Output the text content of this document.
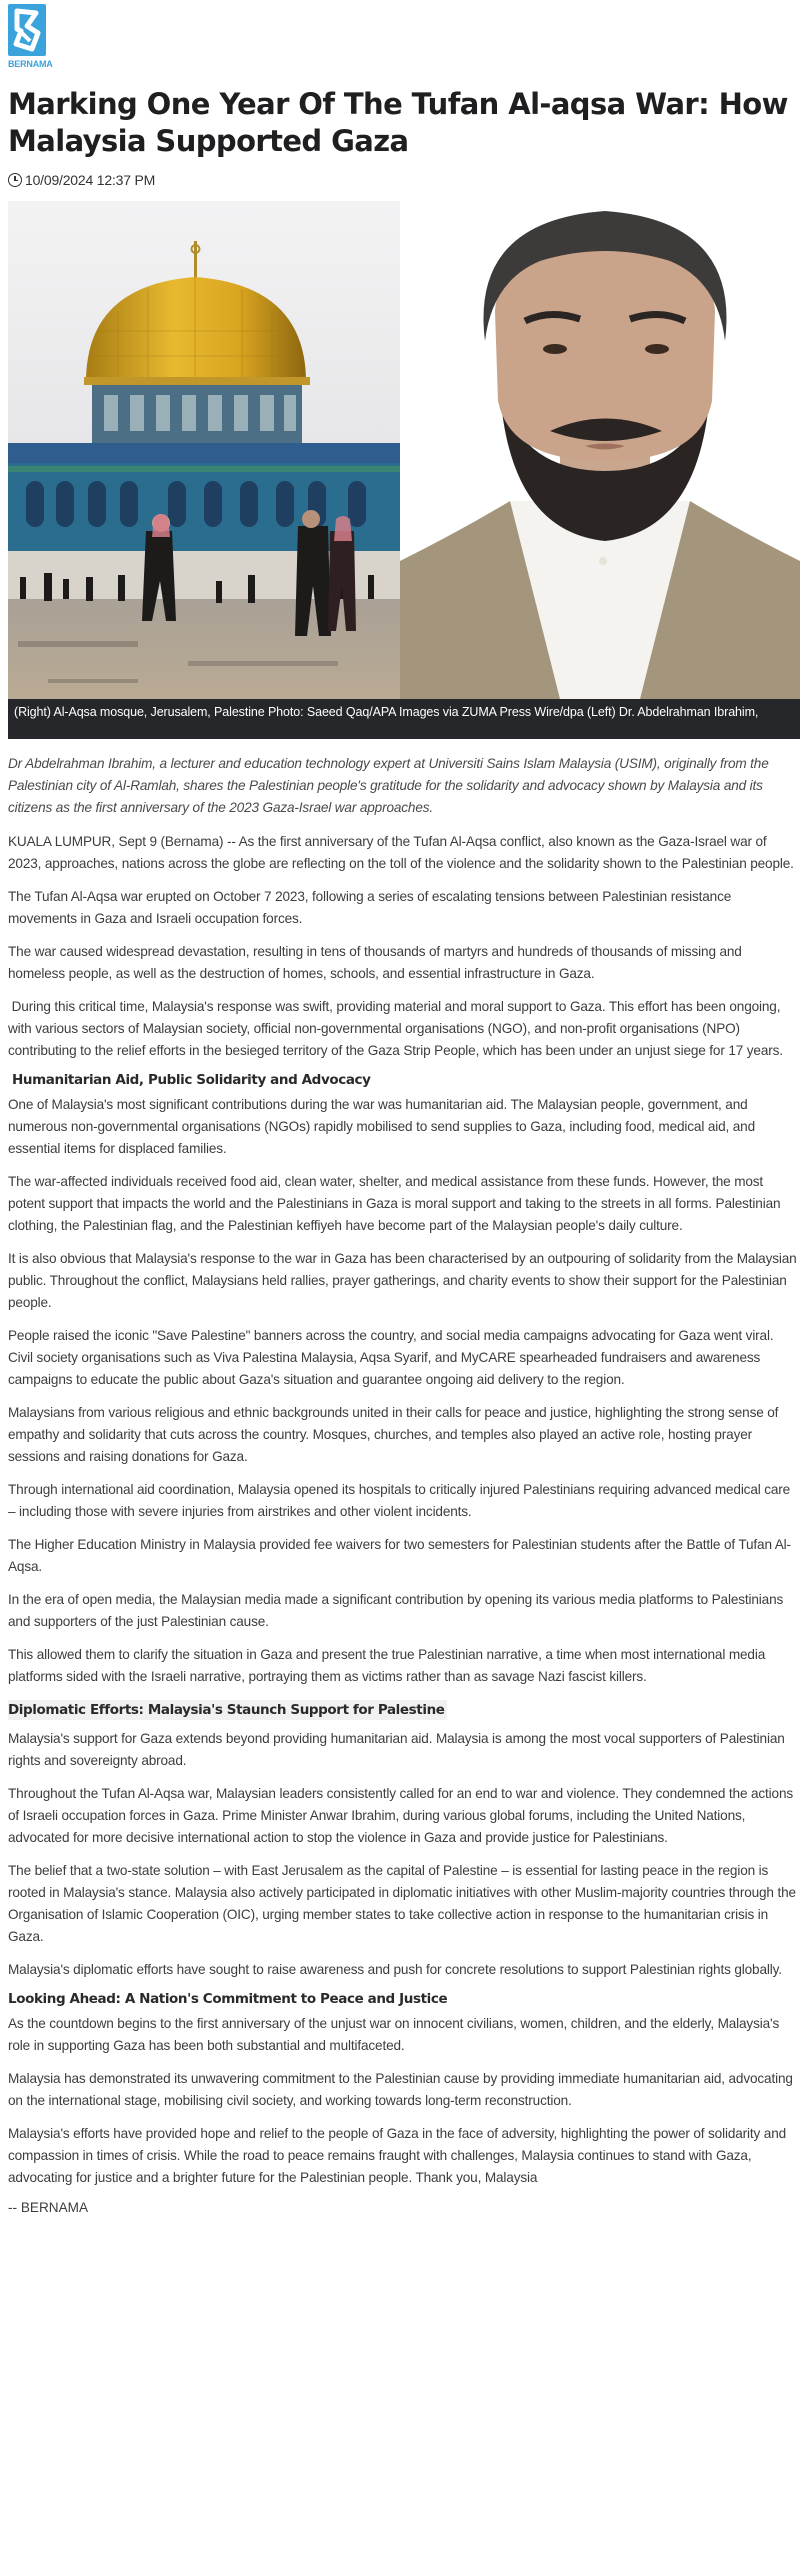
BERNAMA
Marking One Year Of The Tufan Al-aqsa War: How Malaysia Supported Gaza
10/09/2024 12:37 PM
(Right) Al-Aqsa mosque, Jerusalem, Palestine Photo: Saeed Qaq/APA Images via ZUMA Press Wire/dpa (Left) Dr. Abdelrahman Ibrahim,

Dr Abdelrahman Ibrahim, a lecturer and education technology expert at Universiti Sains Islam Malaysia (USIM), originally from the Palestinian city of Al-Ramlah, shares the Palestinian people's gratitude for the solidarity and advocacy shown by Malaysia and its citizens as the first anniversary of the 2023 Gaza-Israel war approaches.

KUALA LUMPUR, Sept 9 (Bernama) -- As the first anniversary of the Tufan Al-Aqsa conflict, also known as the Gaza-Israel war of 2023, approaches, nations across the globe are reflecting on the toll of the violence and the solidarity shown to the Palestinian people.

The Tufan Al-Aqsa war erupted on October 7 2023, following a series of escalating tensions between Palestinian resistance movements in Gaza and Israeli occupation forces.

The war caused widespread devastation, resulting in tens of thousands of martyrs and hundreds of thousands of missing and homeless people, as well as the destruction of homes, schools, and essential infrastructure in Gaza.

During this critical time, Malaysia's response was swift, providing material and moral support to Gaza. This effort has been ongoing, with various sectors of Malaysian society, official non-governmental organisations (NGO), and non-profit organisations (NPO) contributing to the relief efforts in the besieged territory of the Gaza Strip People, which has been under an unjust siege for 17 years.

Humanitarian Aid, Public Solidarity and Advocacy

One of Malaysia's most significant contributions during the war was humanitarian aid. The Malaysian people, government, and numerous non-governmental organisations (NGOs) rapidly mobilised to send supplies to Gaza, including food, medical aid, and essential items for displaced families.

The war-affected individuals received food aid, clean water, shelter, and medical assistance from these funds. However, the most potent support that impacts the world and the Palestinians in Gaza is moral support and taking to the streets in all forms. Palestinian clothing, the Palestinian flag, and the Palestinian keffiyeh have become part of the Malaysian people's daily culture.

It is also obvious that Malaysia's response to the war in Gaza has been characterised by an outpouring of solidarity from the Malaysian public. Throughout the conflict, Malaysians held rallies, prayer gatherings, and charity events to show their support for the Palestinian people.

People raised the iconic "Save Palestine" banners across the country, and social media campaigns advocating for Gaza went viral. Civil society organisations such as Viva Palestina Malaysia, Aqsa Syarif, and MyCARE spearheaded fundraisers and awareness campaigns to educate the public about Gaza's situation and guarantee ongoing aid delivery to the region.

Malaysians from various religious and ethnic backgrounds united in their calls for peace and justice, highlighting the strong sense of empathy and solidarity that cuts across the country. Mosques, churches, and temples also played an active role, hosting prayer sessions and raising donations for Gaza.

Through international aid coordination, Malaysia opened its hospitals to critically injured Palestinians requiring advanced medical care – including those with severe injuries from airstrikes and other violent incidents.

The Higher Education Ministry in Malaysia provided fee waivers for two semesters for Palestinian students after the Battle of Tufan Al-Aqsa.

In the era of open media, the Malaysian media made a significant contribution by opening its various media platforms to Palestinians and supporters of the just Palestinian cause.

This allowed them to clarify the situation in Gaza and present the true Palestinian narrative, a time when most international media platforms sided with the Israeli narrative, portraying them as victims rather than as savage Nazi fascist killers.

Diplomatic Efforts: Malaysia's Staunch Support for Palestine

Malaysia's support for Gaza extends beyond providing humanitarian aid. Malaysia is among the most vocal supporters of Palestinian rights and sovereignty abroad.

Throughout the Tufan Al-Aqsa war, Malaysian leaders consistently called for an end to war and violence. They condemned the actions of Israeli occupation forces in Gaza. Prime Minister Anwar Ibrahim, during various global forums, including the United Nations, advocated for more decisive international action to stop the violence in Gaza and provide justice for Palestinians.

The belief that a two-state solution – with East Jerusalem as the capital of Palestine – is essential for lasting peace in the region is rooted in Malaysia's stance. Malaysia also actively participated in diplomatic initiatives with other Muslim-majority countries through the Organisation of Islamic Cooperation (OIC), urging member states to take collective action in response to the humanitarian crisis in Gaza.

Malaysia's diplomatic efforts have sought to raise awareness and push for concrete resolutions to support Palestinian rights globally.

Looking Ahead: A Nation's Commitment to Peace and Justice

As the countdown begins to the first anniversary of the unjust war on innocent civilians, women, children, and the elderly, Malaysia's role in supporting Gaza has been both substantial and multifaceted.

Malaysia has demonstrated its unwavering commitment to the Palestinian cause by providing immediate humanitarian aid, advocating on the international stage, mobilising civil society, and working towards long-term reconstruction.

Malaysia's efforts have provided hope and relief to the people of Gaza in the face of adversity, highlighting the power of solidarity and compassion in times of crisis. While the road to peace remains fraught with challenges, Malaysia continues to stand with Gaza, advocating for justice and a brighter future for the Palestinian people. Thank you, Malaysia

-- BERNAMA
